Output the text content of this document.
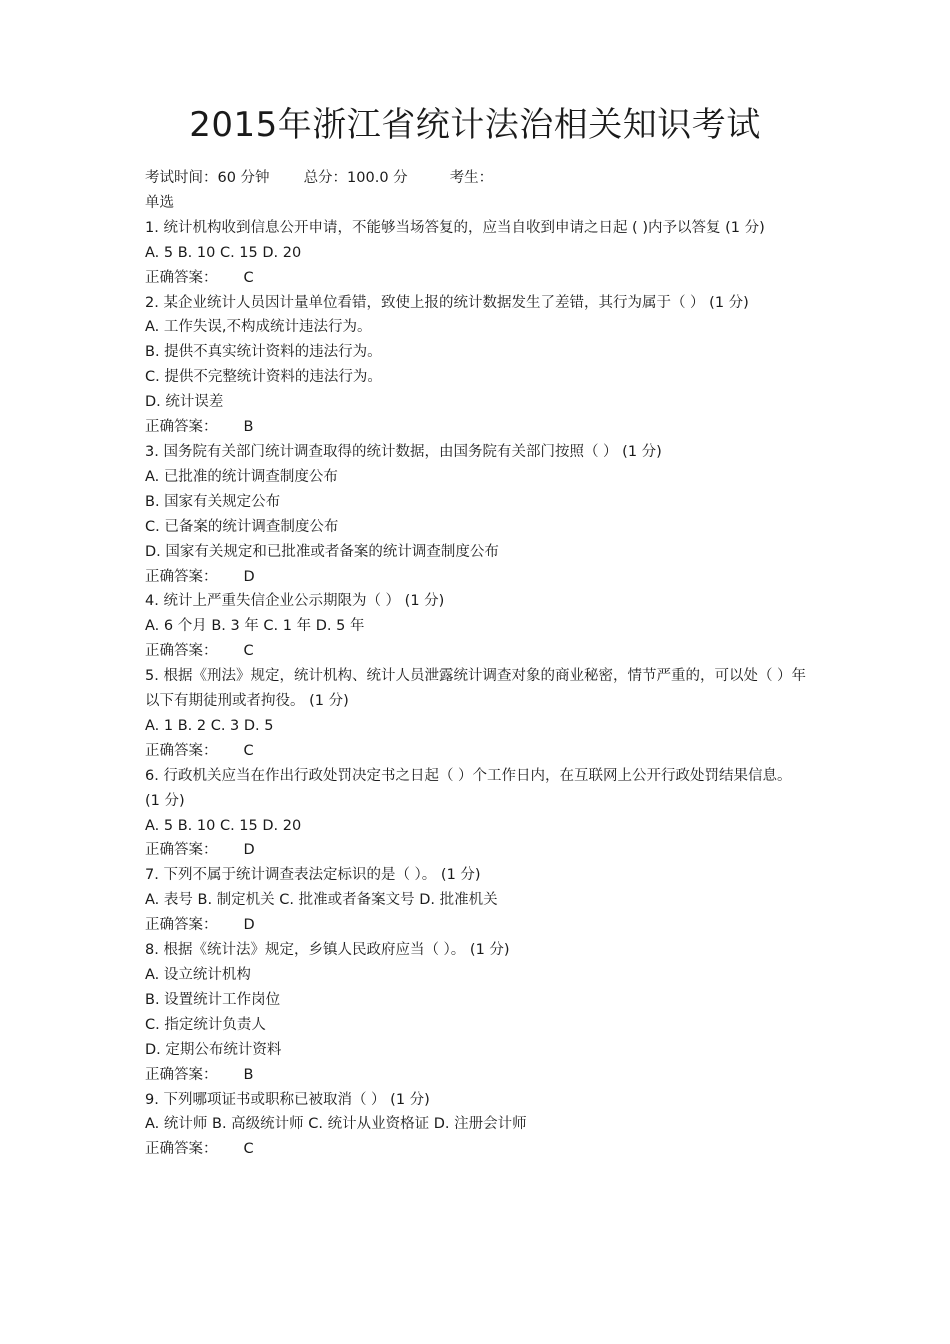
2015年浙江省统计法治相关知识考试
考试时间：60 分钟 总分：100.0 分	考生：
单选
1. 统计机构收到信息公开申请，不能够当场答复的，应当自收到申请之日起 ( )内予以答复 (1 分)
A. 5 B. 10 C. 15 D. 20
正确答案： C
2. 某企业统计人员因计量单位看错，致使上报的统计数据发生了差错，其行为属于（ ） (1 分)
A. 工作失误,不构成统计违法行为。
B. 提供不真实统计资料的违法行为。
C. 提供不完整统计资料的违法行为。
D. 统计误差
正确答案： B
3. 国务院有关部门统计调查取得的统计数据，由国务院有关部门按照（ ） (1 分)
A. 已批准的统计调查制度公布
B. 国家有关规定公布
C. 已备案的统计调查制度公布
D. 国家有关规定和已批准或者备案的统计调查制度公布
正确答案： D
4. 统计上严重失信企业公示期限为（ ） (1 分)
A. 6 个月 B. 3 年 C. 1 年 D. 5 年
正确答案： C
5. 根据《刑法》规定，统计机构、统计人员泄露统计调查对象的商业秘密，情节严重的，可以处（ ）年以下有期徒刑或者拘役。 (1 分)
A. 1 B. 2 C. 3 D. 5
正确答案： C
6. 行政机关应当在作出行政处罚决定书之日起（ ）个工作日内，在互联网上公开行政处罚结果信息。 (1 分)
A. 5 B. 10 C. 15 D. 20
正确答案： D
7. 下列不属于统计调查表法定标识的是（ ）。 (1 分)
A. 表号 B. 制定机关 C. 批准或者备案文号 D. 批准机关
正确答案： D
8. 根据《统计法》规定，乡镇人民政府应当（ ）。 (1 分)
A. 设立统计机构
B. 设置统计工作岗位
C. 指定统计负责人
D. 定期公布统计资料
正确答案： B
9. 下列哪项证书或职称已被取消（ ） (1 分)
A. 统计师 B. 高级统计师 C. 统计从业资格证 D. 注册会计师
正确答案： C
